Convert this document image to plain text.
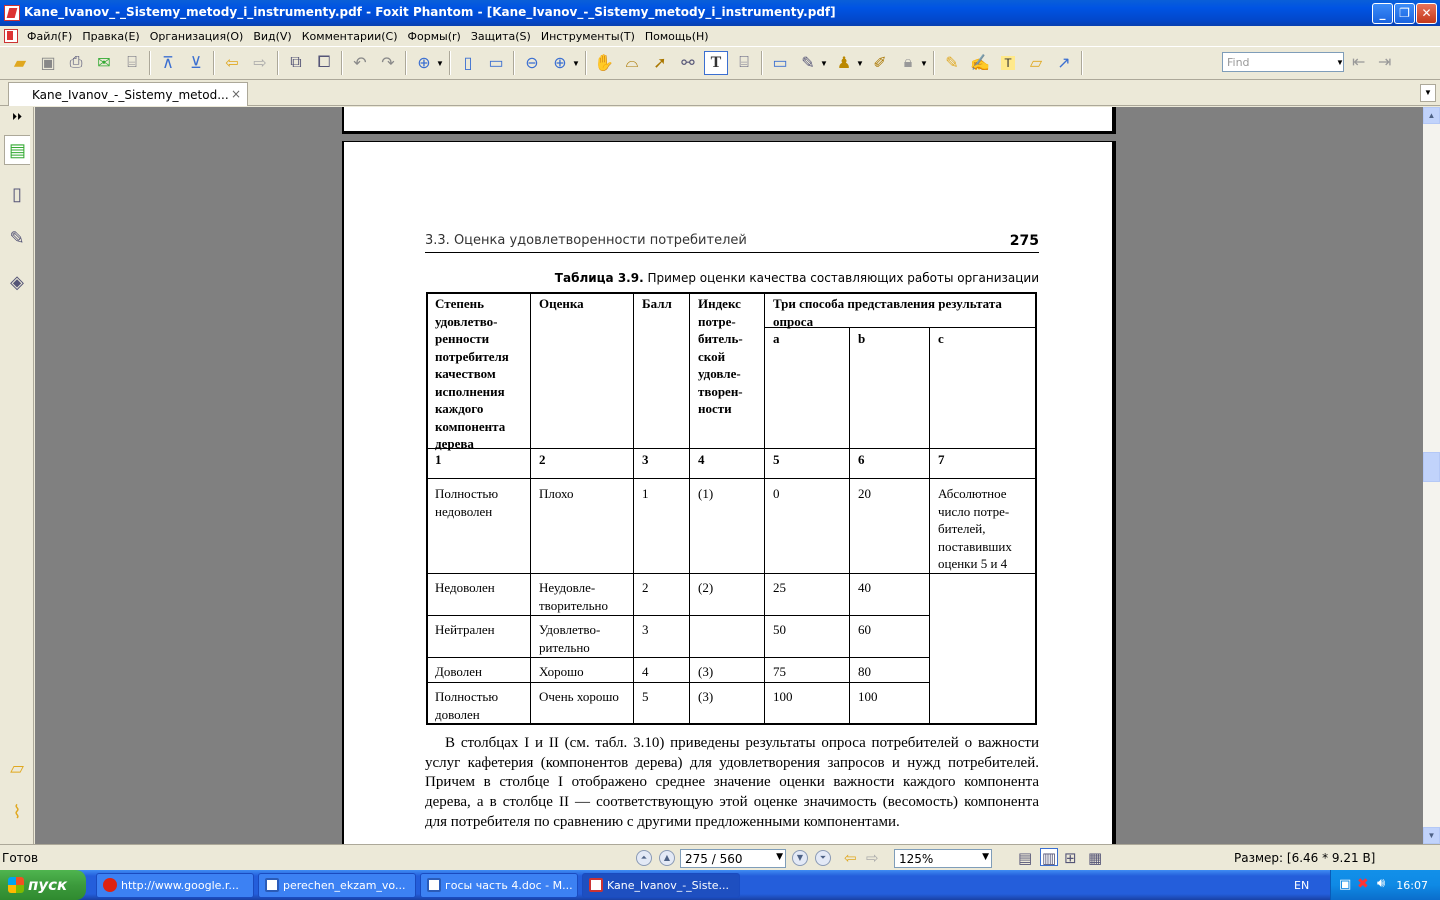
Kane_Ivanov_-_Sistemy_metody_i_instrumenty.pdf - Foxit Phantom - [Kane_Ivanov_-_Sistemy_metody_i_instrumenty.pdf]	_	❐ ✕
Файл(F) Правка(E) Организация(O) Вид(V) Комментарии(C) Формы(r) Защита(S) Инструменты(T) Помощь(H)
▰ ▣ ⎙ ✉ ⌸ ⊼ ⊻ ⇦ ⇨ ⧉ ⧠ ↶ ↷ ⊕ ▼ ▯ ▭ ⊖ ⊕ ▼ ✋ ⌓ ➚ ⚯ T ⌸ ▭ ✎ ▼ ♟ ▼ ✐ 🔒︎ ▼ ✎ ✍ T ▱ ↗	Find	▼ ⇤ ⇥
Kane_Ivanov_-_Sistemy_metod... ×	▼
⏵⏵
▤
▯
✎
◈
▱
⌇
3.3. Оценка удовлетворенности потребителей	275
Таблица 3.9. Пример оценки качества составляющих работы организации
Степень удовлетво-ренности потребителя качеством исполнения каждого компонента дерева
Оценка	Балл	Индекс потре-битель-ской удовле-творен-ности
Три способа представления результата опроса
a	b	c
1	2	3	4	5	6	7
Полностью недоволен
Плохо	1	(1)	0	20	Абсолютное число потре-бителей, поставивших оценки 5 и 4
Недоволен	Неудовле-творительно
2	(2)	25	40
Нейтрален	Удовлетво-рительно
3	50	60
Доволен	Хорошо	4	(3)	75	80
Полностью доволен
Очень хорошо	5	(3)	100	100
В столбцах I и II (см. табл. 3.10) приведены результаты опроса потребителей о важности услуг кафетерия (компонентов дерева) для удовлетворения запросов и нужд потребителей. Причем в столбце I отображено среднее значение оценки важности каждого компонента дерева, а в столбце II — соответствующую этой оценке значимость (весомость) компонента для потребителя по сравнению с другими предложенными компонентами.
▲
▼
Готов	⏶	▲	275 / 560	▼	▼	⏷	⇦ ⇨	125%	▼ ▤ ▥ ⊞ ▦	Размер: [6.46 * 9.21 В]
пуск	http://www.google.r...	perechen_ekzam_vo...	госы часть 4.doc - M...	Kane_Ivanov_-_Siste...	EN ▣ ✖ 🔊︎ 16:07
